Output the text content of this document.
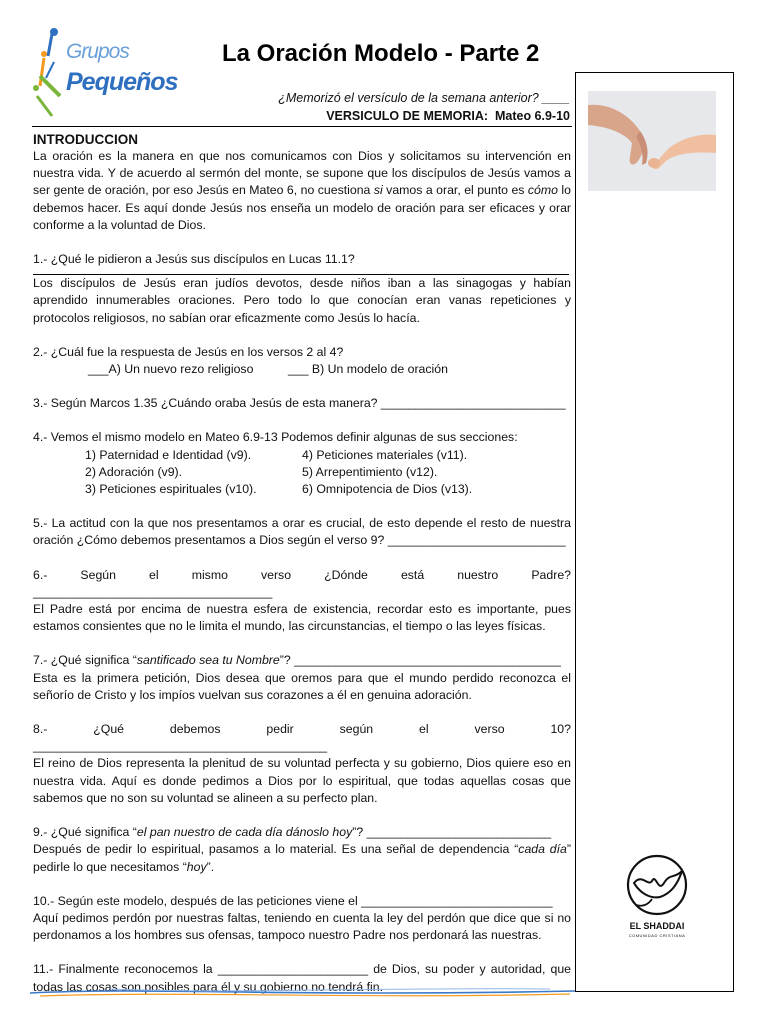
Grupos
Pequeños
La Oración Modelo - Parte 2
¿Memorizó el versículo de la semana anterior? ____
VERSICULO DE MEMORIA: Mateo 6.9-10
EL SHADDAI
COMUNIDAD CRISTIANA
INTRODUCCION

La oración es la manera en que nos comunicamos con Dios y solicitamos su intervención en nuestra vida. Y de acuerdo al sermón del monte, se supone que los discípulos de Jesús vamos a ser gente de oración, por eso Jesús en Mateo 6, no cuestiona si vamos a orar, el punto es cómo lo debemos hacer. Es aquí donde Jesús nos enseña un modelo de oración para ser eficaces y orar conforme a la voluntad de Dios.

1.- ¿Qué le pidieron a Jesús sus discípulos en Lucas 11.1?

Los discípulos de Jesús eran judíos devotos, desde niños iban a las sinagogas y habían aprendido innumerables oraciones. Pero todo lo que conocían eran vanas repeticiones y protocolos religiosos, no sabían orar eficazmente como Jesús lo hacía.

2.- ¿Cuál fue la respuesta de Jesús en los versos 2 al 4?

___A) Un nuevo rezo religioso	___ B) Un modelo de oración

3.- Según Marcos 1.35 ¿Cuándo oraba Jesús de esta manera? ___________________________

4.- Vemos el mismo modelo en Mateo 6.9-13 Podemos definir algunas de sus secciones:

1) Paternidad e Identidad (v9).	4) Peticiones materiales (v11).
2) Adoración (v9).	5) Arrepentimiento (v12).
3) Peticiones espirituales (v10).	6) Omnipotencia de Dios (v13).

5.- La actitud con la que nos presentamos a orar es crucial, de esto depende el resto de nuestra oración ¿Cómo debemos presentamos a Dios según el verso 9? __________________________

6.- Según el mismo verso ¿Dónde está nuestro Padre? ___________________________________

El Padre está por encima de nuestra esfera de existencia, recordar esto es importante, pues estamos consientes que no le limita el mundo, las circunstancias, el tiempo o las leyes físicas.

7.- ¿Qué significa “santificado sea tu Nombre”? _______________________________________

Esta es la primera petición, Dios desea que oremos para que el mundo perdido reconozca el señorío de Cristo y los impíos vuelvan sus corazones a él en genuina adoración.

8.- ¿Qué debemos pedir según el verso 10? ___________________________________________

El reino de Dios representa la plenitud de su voluntad perfecta y su gobierno, Dios quiere eso en nuestra vida. Aquí es donde pedimos a Dios por lo espiritual, que todas aquellas cosas que sabemos que no son su voluntad se alineen a su perfecto plan.

9.- ¿Qué significa “el pan nuestro de cada día dánoslo hoy”? ___________________________

Después de pedir lo espiritual, pasamos a lo material. Es una señal de dependencia “cada día” pedirle lo que necesitamos “hoy”.

10.- Según este modelo, después de las peticiones viene el ____________________________

Aquí pedimos perdón por nuestras faltas, teniendo en cuenta la ley del perdón que dice que si no perdonamos a los hombres sus ofensas, tampoco nuestro Padre nos perdonará las nuestras.

11.- Finalmente reconocemos la ______________________ de Dios, su poder y autoridad, que todas las cosas son posibles para él y su gobierno no tendrá fin.
